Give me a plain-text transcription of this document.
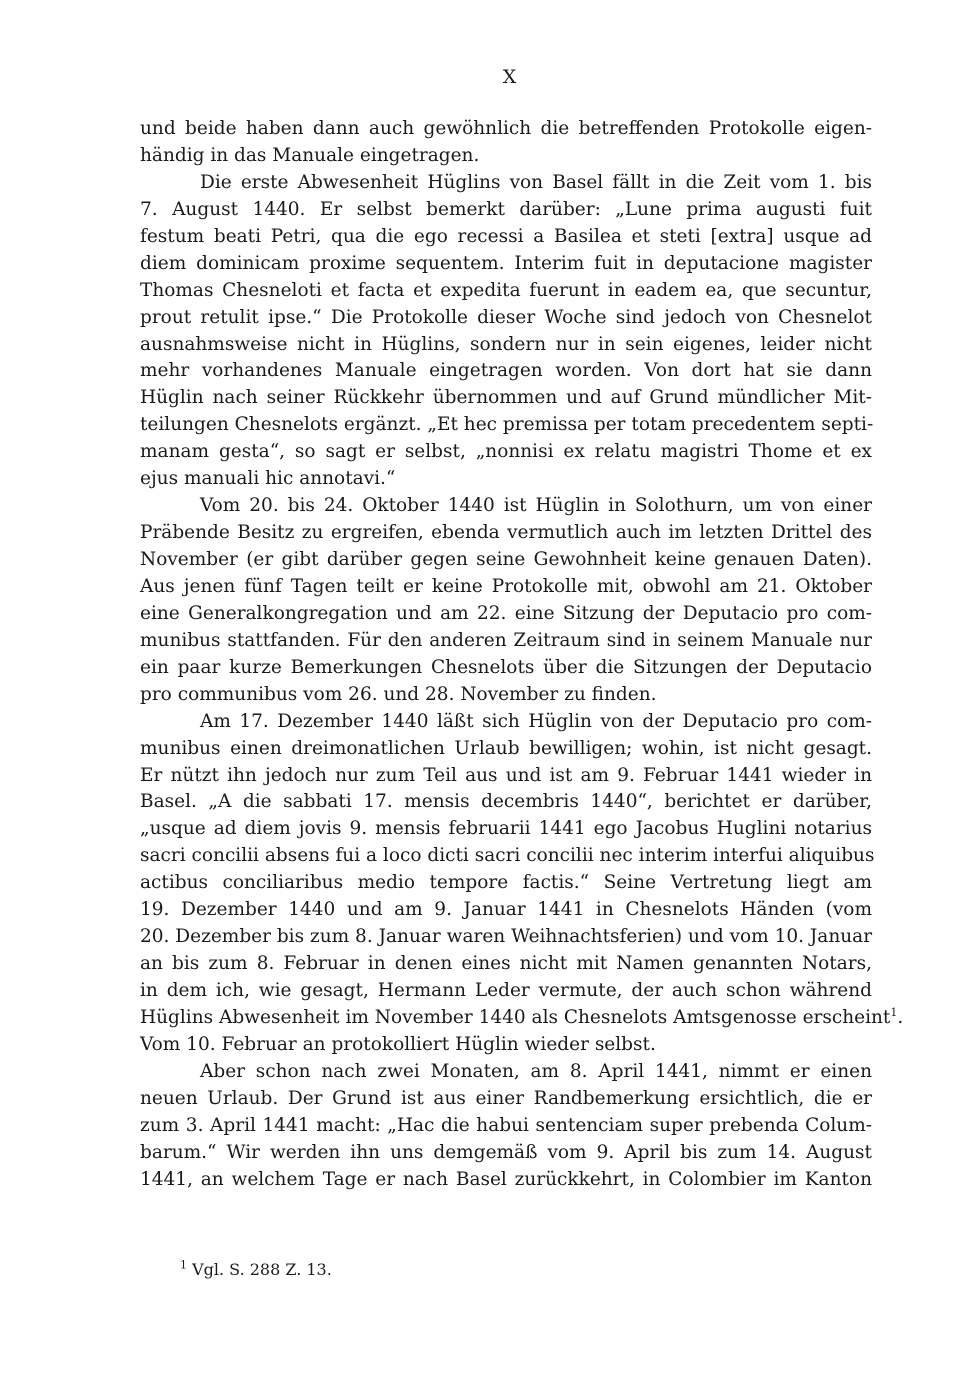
X
und beide haben dann auch gewöhnlich die betreffenden Protokolle eigen-
händig in das Manuale eingetragen.
Die erste Abwesenheit Hüglins von Basel fällt in die Zeit vom 1. bis
7. August 1440. Er selbst bemerkt darüber: „Lune prima augusti fuit
festum beati Petri, qua die ego recessi a Basilea et steti [extra] usque ad
diem dominicam proxime sequentem. Interim fuit in deputacione magister
Thomas Chesneloti et facta et expedita fuerunt in eadem ea, que secuntur,
prout retulit ipse.“ Die Protokolle dieser Woche sind jedoch von Chesnelot
ausnahmsweise nicht in Hüglins, sondern nur in sein eigenes, leider nicht
mehr vorhandenes Manuale eingetragen worden. Von dort hat sie dann
Hüglin nach seiner Rückkehr übernommen und auf Grund mündlicher Mit-
teilungen Chesnelots ergänzt. „Et hec premissa per totam precedentem septi-
manam gesta“, so sagt er selbst, „nonnisi ex relatu magistri Thome et ex
ejus manuali hic annotavi.“
Vom 20. bis 24. Oktober 1440 ist Hüglin in Solothurn, um von einer
Präbende Besitz zu ergreifen, ebenda vermutlich auch im letzten Drittel des
November (er gibt darüber gegen seine Gewohnheit keine genauen Daten).
Aus jenen fünf Tagen teilt er keine Protokolle mit, obwohl am 21. Oktober
eine Generalkongregation und am 22. eine Sitzung der Deputacio pro com-
munibus stattfanden. Für den anderen Zeitraum sind in seinem Manuale nur
ein paar kurze Bemerkungen Chesnelots über die Sitzungen der Deputacio
pro communibus vom 26. und 28. November zu finden.
Am 17. Dezember 1440 läßt sich Hüglin von der Deputacio pro com-
munibus einen dreimonatlichen Urlaub bewilligen; wohin, ist nicht gesagt.
Er nützt ihn jedoch nur zum Teil aus und ist am 9. Februar 1441 wieder in
Basel. „A die sabbati 17. mensis decembris 1440“, berichtet er darüber,
„usque ad diem jovis 9. mensis februarii 1441 ego Jacobus Huglini notarius
sacri concilii absens fui a loco dicti sacri concilii nec interim interfui aliquibus
actibus conciliaribus medio tempore factis.“ Seine Vertretung liegt am
19. Dezember 1440 und am 9. Januar 1441 in Chesnelots Händen (vom
20. Dezember bis zum 8. Januar waren Weihnachtsferien) und vom 10. Januar
an bis zum 8. Februar in denen eines nicht mit Namen genannten Notars,
in dem ich, wie gesagt, Hermann Leder vermute, der auch schon während
Hüglins Abwesenheit im November 1440 als Chesnelots Amtsgenosse erscheint$^1$.
Vom 10. Februar an protokolliert Hüglin wieder selbst.
Aber schon nach zwei Monaten, am 8. April 1441, nimmt er einen
neuen Urlaub. Der Grund ist aus einer Randbemerkung ersichtlich, die er
zum 3. April 1441 macht: „Hac die habui sentenciam super prebenda Colum-
barum.“ Wir werden ihn uns demgemäß vom 9. April bis zum 14. August
1441, an welchem Tage er nach Basel zurückkehrt, in Colombier im Kanton
$^1$ Vgl. S. 288 Z. 13.
